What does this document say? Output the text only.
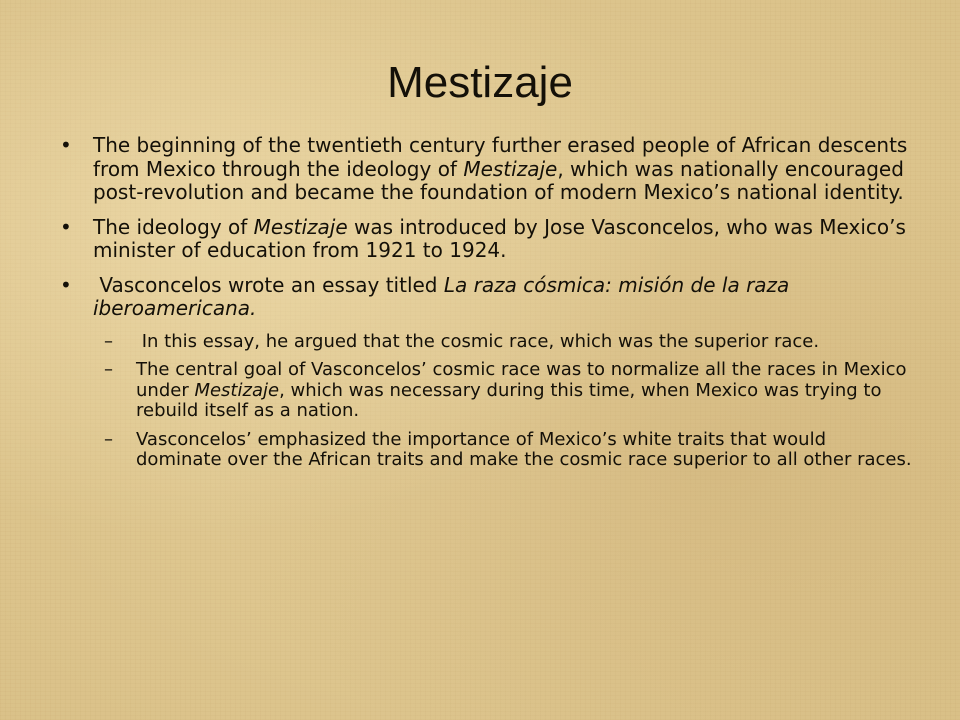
Mestizaje
• The beginning of the twentieth century further erased people of African descents from Mexico through the ideology of Mestizaje, which was nationally encouraged post-revolution and became the foundation of modern Mexico’s national identity.
• The ideology of Mestizaje was introduced by Jose Vasconcelos, who was Mexico’s minister of education from 1921 to 1924.
• Vasconcelos wrote an essay titled La raza cósmica: misión de la raza iberoamericana.
– In this essay, he argued that the cosmic race, which was the superior race.
– The central goal of Vasconcelos’ cosmic race was to normalize all the races in Mexico under Mestizaje, which was necessary during this time, when Mexico was trying to rebuild itself as a nation.
– Vasconcelos’ emphasized the importance of Mexico’s white traits that would dominate over the African traits and make the cosmic race superior to all other races.
